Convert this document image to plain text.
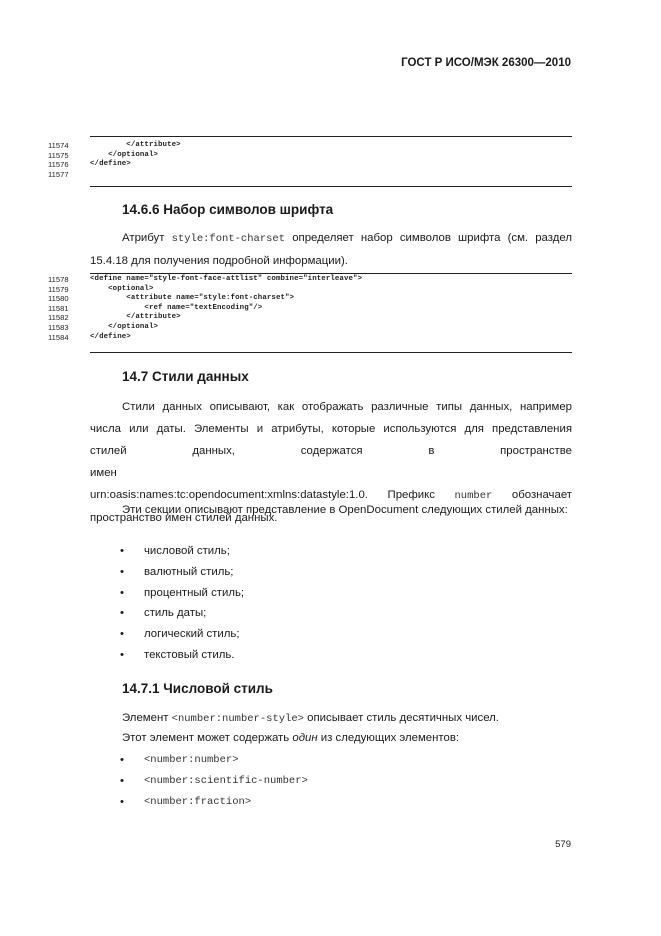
ГОСТ Р ИСО/МЭК 26300—2010
11574	</attribute>
11575	</optional>
11576	</define>
11577
14.6.6 Набор символов шрифта
Атрибут style:font-charset определяет набор символов шрифта (см. раздел 15.4.18 для получения подробной информации).
11578	<define name="style-font-face-attlist" combine="interleave">
11579	<optional>
11580	<attribute name="style:font-charset">
11581	<ref name="textEncoding"/>
11582	</attribute>
11583	</optional>
11584	</define>
14.7 Стили данных
Стили данных описывают, как отображать различные типы данных, например
числа или даты. Элементы и атрибуты, которые используются для представления
стилей данных, содержатся в пространстве имен
urn:oasis:names:tc:opendocument:xmlns:datastyle:1.0. Префикс number обозначает
пространство имен стилей данных.
Эти секции описывают представление в OpenDocument следующих стилей данных:
• числовой стиль;
• валютный стиль;
• процентный стиль;
• стиль даты;
• логический стиль;
• текстовый стиль.
14.7.1 Числовой стиль
Элемент <number:number-style> описывает стиль десятичных чисел.
Этот элемент может содержать один из следующих элементов:
• <number:number>
• <number:scientific-number>
• <number:fraction>
579
